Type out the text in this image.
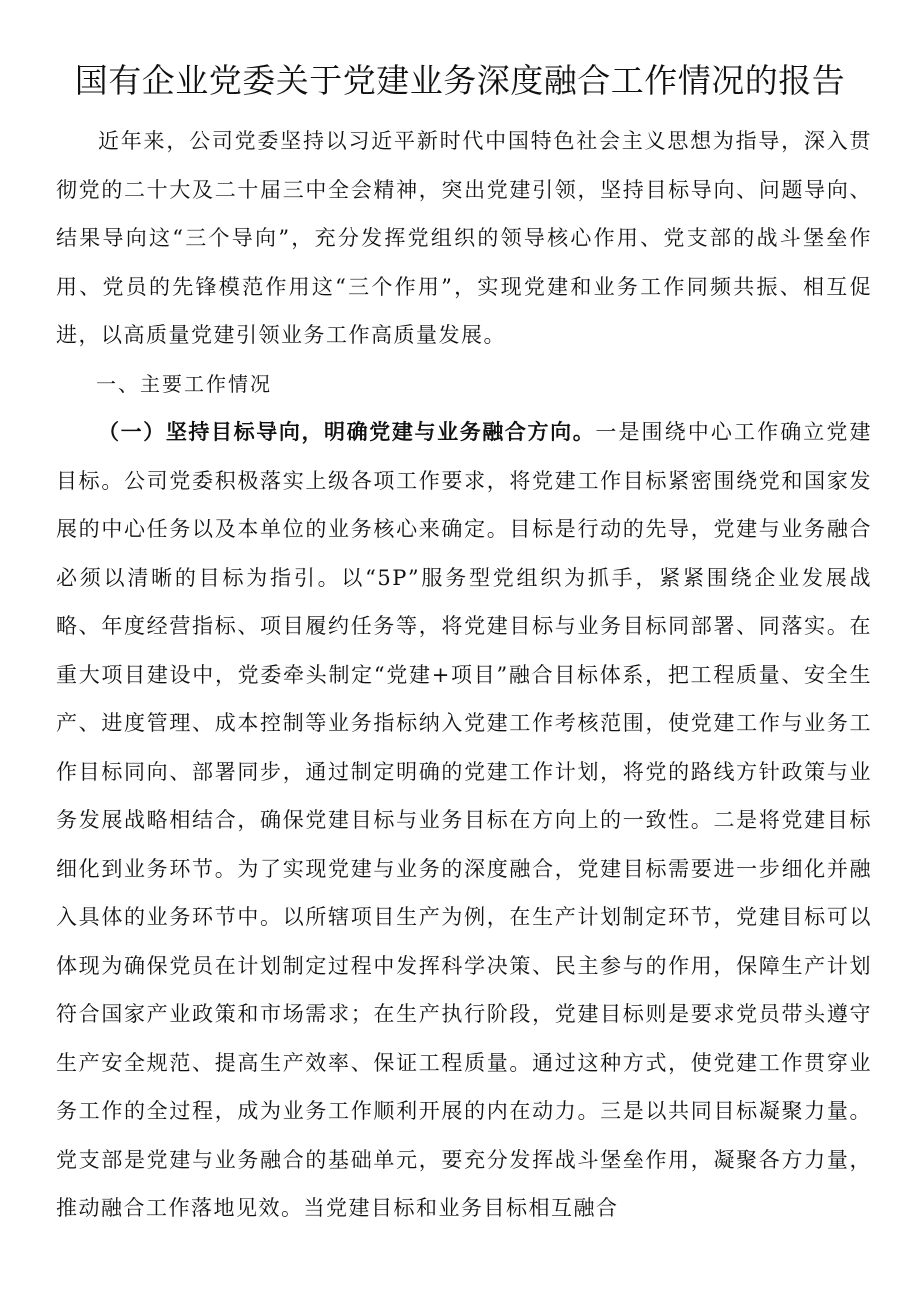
国有企业党委关于党建业务深度融合工作情况的报告

近年来，公司党委坚持以习近平新时代中国特色社会主义思想为指导，深入贯彻党的二十大及二十届三中全会精神，突出党建引领，坚持目标导向、问题导向、结果导向这“三个导向”，充分发挥党组织的领导核心作用、党支部的战斗堡垒作用、党员的先锋模范作用这“三个作用”，实现党建和业务工作同频共振、相互促进，以高质量党建引领业务工作高质量发展。

一、主要工作情况

（一）坚持目标导向，明确党建与业务融合方向。一是围绕中心工作确立党建目标。公司党委积极落实上级各项工作要求，将党建工作目标紧密围绕党和国家发展的中心任务以及本单位的业务核心来确定。目标是行动的先导，党建与业务融合必须以清晰的目标为指引。以“5P”服务型党组织为抓手，紧紧围绕企业发展战略、年度经营指标、项目履约任务等，将党建目标与业务目标同部署、同落实。在重大项目建设中，党委牵头制定“党建+项目”融合目标体系，把工程质量、安全生产、进度管理、成本控制等业务指标纳入党建工作考核范围，使党建工作与业务工作目标同向、部署同步，通过制定明确的党建工作计划，将党的路线方针政策与业务发展战略相结合，确保党建目标与业务目标在方向上的一致性。二是将党建目标细化到业务环节。为了实现党建与业务的深度融合，党建目标需要进一步细化并融入具体的业务环节中。以所辖项目生产为例，在生产计划制定环节，党建目标可以体现为确保党员在计划制定过程中发挥科学决策、民主参与的作用，保障生产计划符合国家产业政策和市场需求；在生产执行阶段，党建目标则是要求党员带头遵守生产安全规范、提高生产效率、保证工程质量。通过这种方式，使党建工作贯穿业务工作的全过程，成为业务工作顺利开展的内在动力。三是以共同目标凝聚力量。党支部是党建与业务融合的基础单元，要充分发挥战斗堡垒作用，凝聚各方力量，推动融合工作落地见效。当党建目标和业务目标相互融合
